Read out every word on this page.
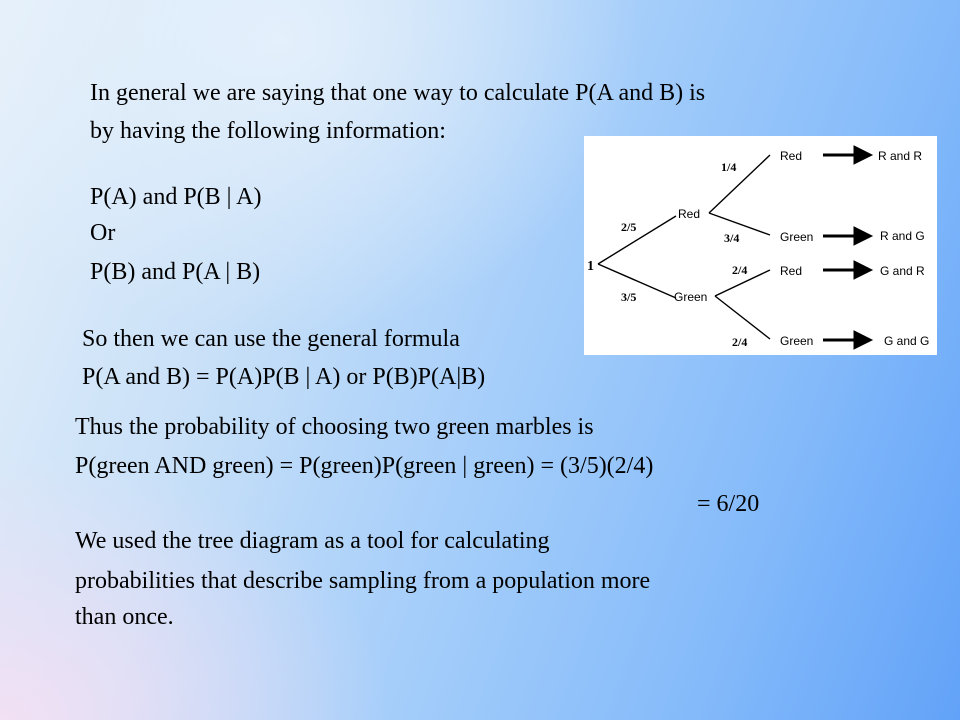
In general we are saying that one way to calculate P(A and B) is

by having the following information:

P(A) and P(B | A)

Or

P(B) and P(A | B)

So then we can use the general formula

P(A and B) = P(A)P(B | A) or P(B)P(A|B)

Thus the probability of choosing two green marbles is

P(green AND green) = P(green)P(green | green) = (3/5)(2/4)

= 6/20

We used the tree diagram as a tool for calculating

probabilities that describe sampling from a population more

than once.

1
2/5
3/5
Red
Green
1/4
3/4
2/4
2/4
Red
Green
Red
Green
R and R
R and G
G and R
G and G
